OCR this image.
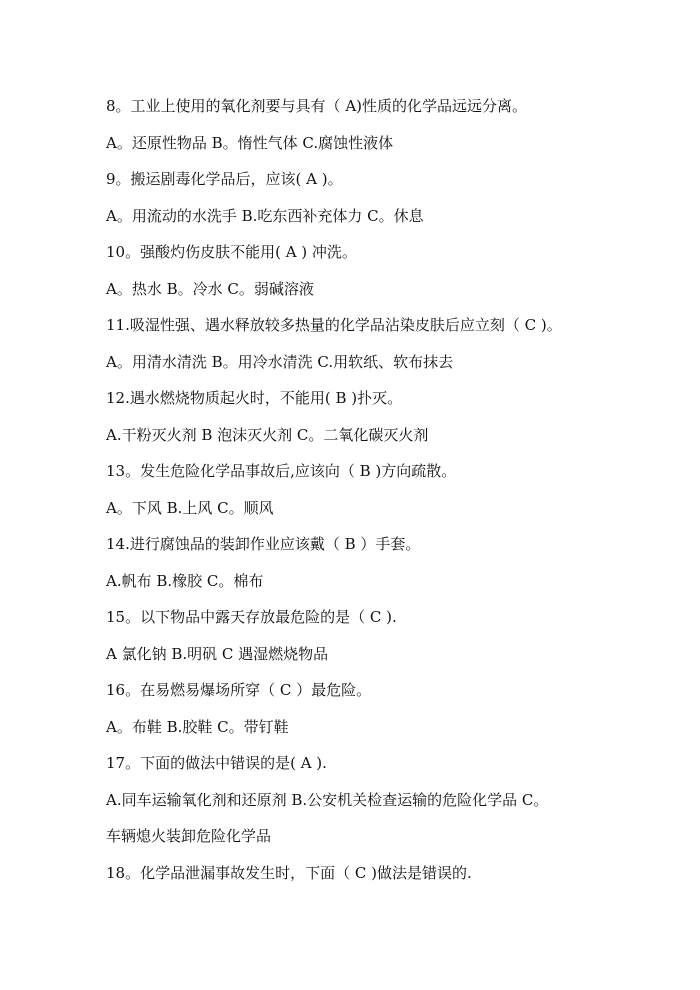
8。工业上使用的氧化剂要与具有（ A)性质的化学品远远分离。
A。还原性物品 B。惰性气体 C.腐蚀性液体
9。搬运剧毒化学品后，应该( A )。
A。用流动的水洗手 B.吃东西补充体力 C。休息
10。强酸灼伤皮肤不能用( A ) 冲洗。
A。热水 B。冷水 C。弱碱溶液
11.吸湿性强、遇水释放较多热量的化学品沾染皮肤后应立刻（ C )。
A。用清水清洗 B。用冷水清洗 C.用软纸、软布抹去
12.遇水燃烧物质起火时，不能用( B )扑灭。
A.干粉灭火剂 B 泡沫灭火剂 C。二氧化碳灭火剂
13。发生危险化学品事故后,应该向（ B )方向疏散。
A。下风 B.上风 C。顺风
14.进行腐蚀品的装卸作业应该戴（ B ）手套。
A.帆布 B.橡胶 C。棉布
15。以下物品中露天存放最危险的是（ C ).
A 氯化钠 B.明矾 C 遇湿燃烧物品
16。在易燃易爆场所穿（ C ）最危险。
A。布鞋 B.胶鞋 C。带钉鞋
17。下面的做法中错误的是( A ).
A.同车运输氧化剂和还原剂 B.公安机关检查运输的危险化学品 C。
车辆熄火装卸危险化学品
18。化学品泄漏事故发生时，下面（ C )做法是错误的.
